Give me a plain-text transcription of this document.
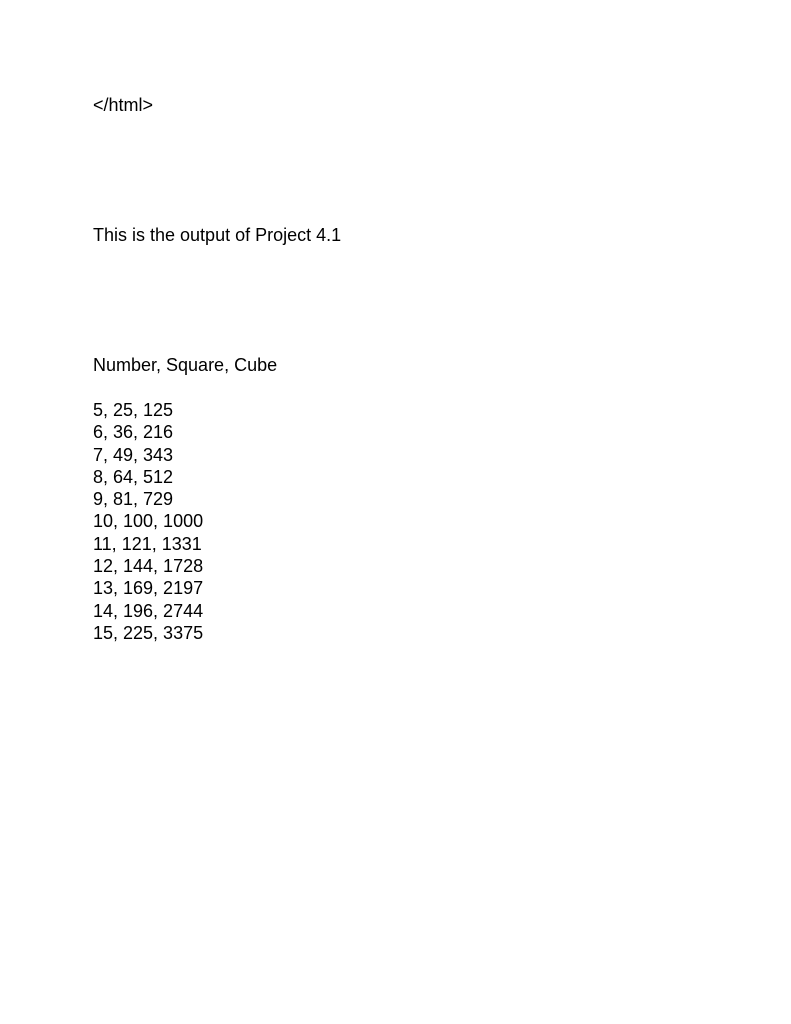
</html>
This is the output of Project 4.1
Number, Square, Cube
5, 25, 125
6, 36, 216
7, 49, 343
8, 64, 512
9, 81, 729
10, 100, 1000
11, 121, 1331
12, 144, 1728
13, 169, 2197
14, 196, 2744
15, 225, 3375
